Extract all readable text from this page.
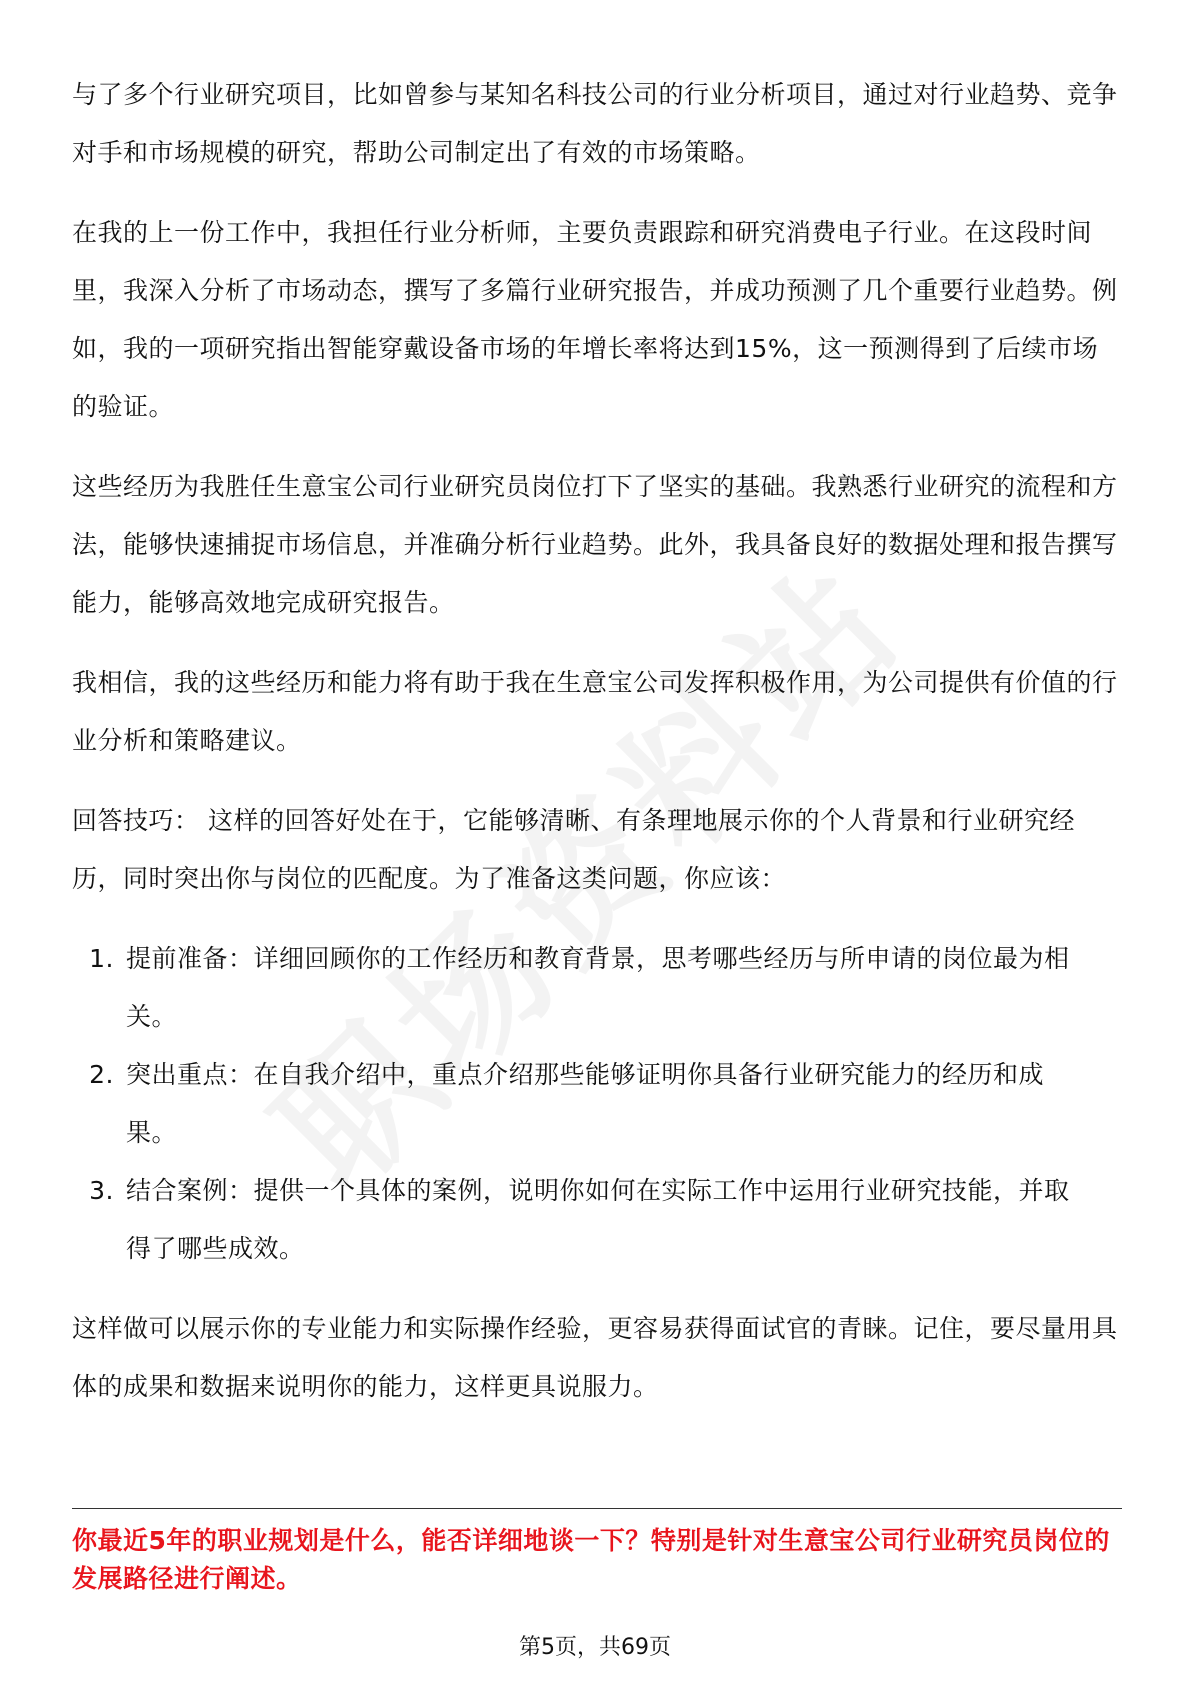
与了多个行业研究项目，比如曾参与某知名科技公司的行业分析项目，通过对行业趋势、竞争对手和市场规模的研究，帮助公司制定出了有效的市场策略。

在我的上一份工作中，我担任行业分析师，主要负责跟踪和研究消费电子行业。在这段时间里，我深入分析了市场动态，撰写了多篇行业研究报告，并成功预测了几个重要行业趋势。例如，我的一项研究指出智能穿戴设备市场的年增长率将达到15%，这一预测得到了后续市场的验证。

这些经历为我胜任生意宝公司行业研究员岗位打下了坚实的基础。我熟悉行业研究的流程和方法，能够快速捕捉市场信息，并准确分析行业趋势。此外，我具备良好的数据处理和报告撰写能力，能够高效地完成研究报告。

我相信，我的这些经历和能力将有助于我在生意宝公司发挥积极作用，为公司提供有价值的行业分析和策略建议。

回答技巧： 这样的回答好处在于，它能够清晰、有条理地展示你的个人背景和行业研究经历，同时突出你与岗位的匹配度。为了准备这类问题，你应该：

1. 提前准备：详细回顾你的工作经历和教育背景，思考哪些经历与所申请的岗位最为相关。
2. 突出重点：在自我介绍中，重点介绍那些能够证明你具备行业研究能力的经历和成果。
3. 结合案例：提供一个具体的案例，说明你如何在实际工作中运用行业研究技能，并取得了哪些成效。

这样做可以展示你的专业能力和实际操作经验，更容易获得面试官的青睐。记住，要尽量用具体的成果和数据来说明你的能力，这样更具说服力。

你最近5年的职业规划是什么，能否详细地谈一下？特别是针对生意宝公司行业研究员岗位的发展路径进行阐述。
第5页，共69页
